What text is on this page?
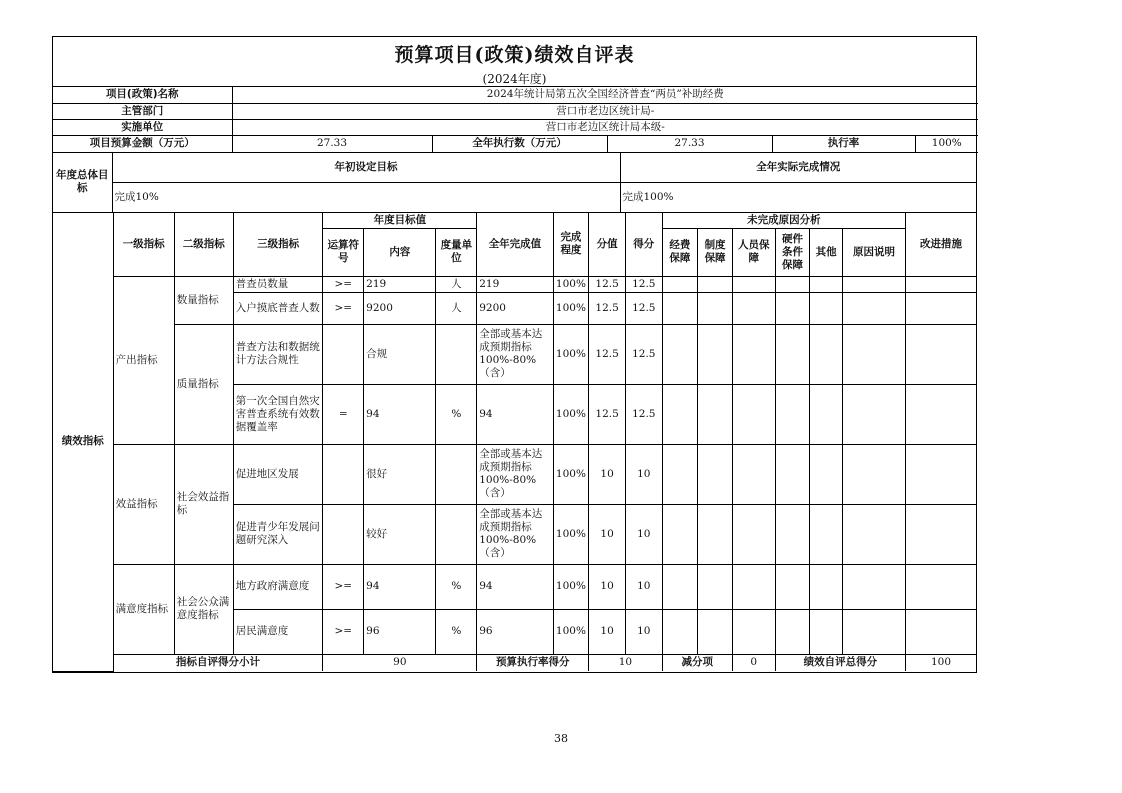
预算项目(政策)绩效自评表
(2024年度)
项目(政策)名称	2024年统计局第五次全国经济普查“两员”补助经费				
主管部门	营口市老边区统计局-				
实施单位	营口市老边区统计局本级-				
项目预算金额（万元）	27.33	全年执行数（万元）	27.33	执行率	100%
年度总体目标	年初设定目标	全年实际完成情况
	完成10%	完成100%
绩效指标	一级指标	二级指标	三级指标	年度目标值			全年完成值	完成程度	分值	得分	未完成原因分析						改进措施
				运算符号	内容	度量单位					经费保障	制度保障	人员保障	硬件条件保障	其他	原因说明	
	产出指标	数量指标	普查员数量	>=	219	人	219	100%	12.5	12.5							
			入户摸底普查人数	>=	9200	人	9200	100%	12.5	12.5							
		质量指标	普查方法和数据统计方法合规性		合规		全部或基本达成预期指标100%-80%（含）	100%	12.5	12.5							
			第一次全国自然灾害普查系统有效数据覆盖率	=	94	%	94	100%	12.5	12.5							
	效益指标	社会效益指标	促进地区发展		很好		全部或基本达成预期指标100%-80%（含）	100%	10	10							
			促进青少年发展问题研究深入		较好		全部或基本达成预期指标100%-80%（含）	100%	10	10							
	满意度指标	社会公众满意度指标	地方政府满意度	>=	94	%	94	100%	10	10							
			居民满意度	>=	96	%	96	100%	10	10							
	指标自评得分小计			90			预算执行率得分		10		减分项		0	绩效自评总得分			100
38
